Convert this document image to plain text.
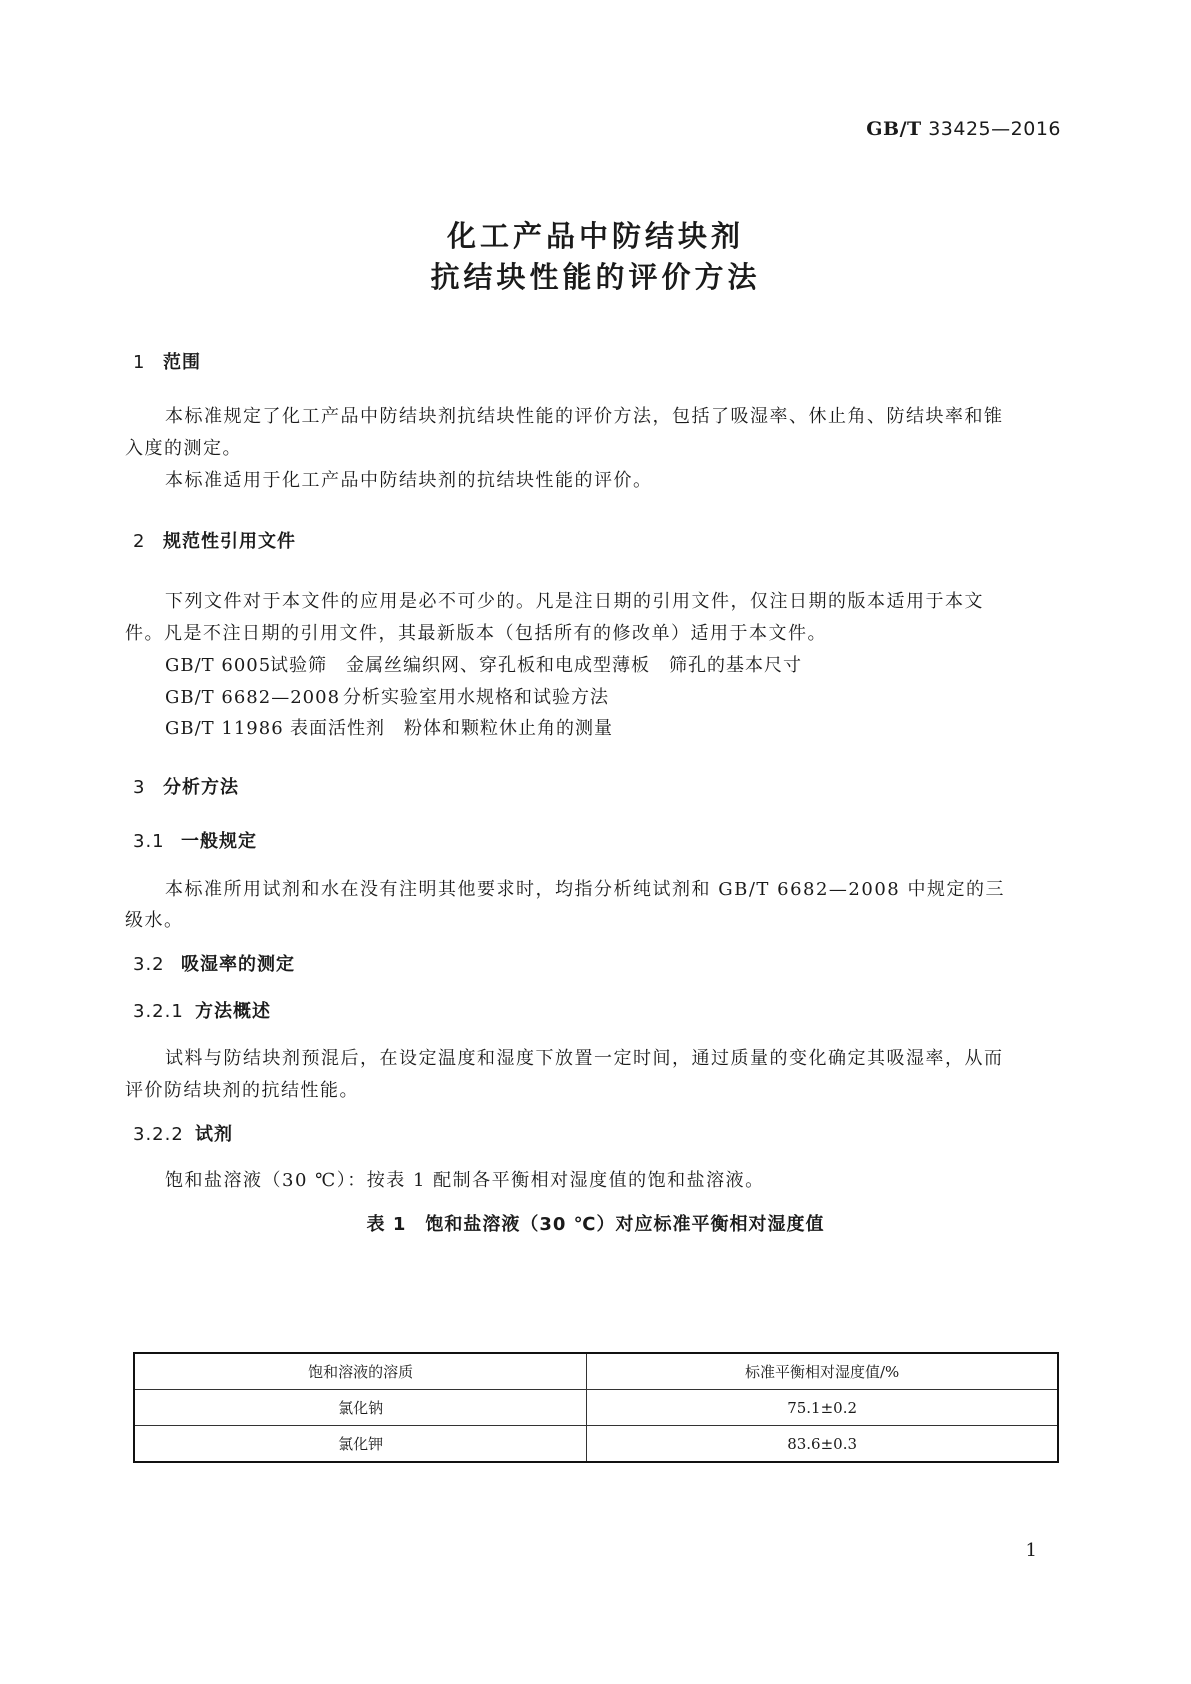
GB/T 33425—2016
化工产品中防结块剂
抗结块性能的评价方法
1 范围
本标准规定了化工产品中防结块剂抗结块性能的评价方法，包括了吸湿率、休止角、防结块率和锥
入度的测定。
本标准适用于化工产品中防结块剂的抗结块性能的评价。
2 规范性引用文件
下列文件对于本文件的应用是必不可少的。凡是注日期的引用文件，仅注日期的版本适用于本文
件。凡是不注日期的引用文件，其最新版本（包括所有的修改单）适用于本文件。
GB/T 6005试验筛　金属丝编织网、穿孔板和电成型薄板　筛孔的基本尺寸
GB/T 6682—2008 分析实验室用水规格和试验方法
GB/T 11986 表面活性剂　粉体和颗粒休止角的测量
3 分析方法
3.1 一般规定
本标准所用试剂和水在没有注明其他要求时，均指分析纯试剂和 GB/T 6682—2008 中规定的三
级水。
3.2 吸湿率的测定
3.2.1 方法概述
试料与防结块剂预混后，在设定温度和湿度下放置一定时间，通过质量的变化确定其吸湿率，从而
评价防结块剂的抗结性能。
3.2.2 试剂
饱和盐溶液（30 ℃）：按表 1 配制各平衡相对湿度值的饱和盐溶液。
表 1　饱和盐溶液（30 ℃）对应标准平衡相对湿度值
饱和溶液的溶质	标准平衡相对湿度值/%
氯化钠	75.1±0.2
氯化钾	83.6±0.3
1
